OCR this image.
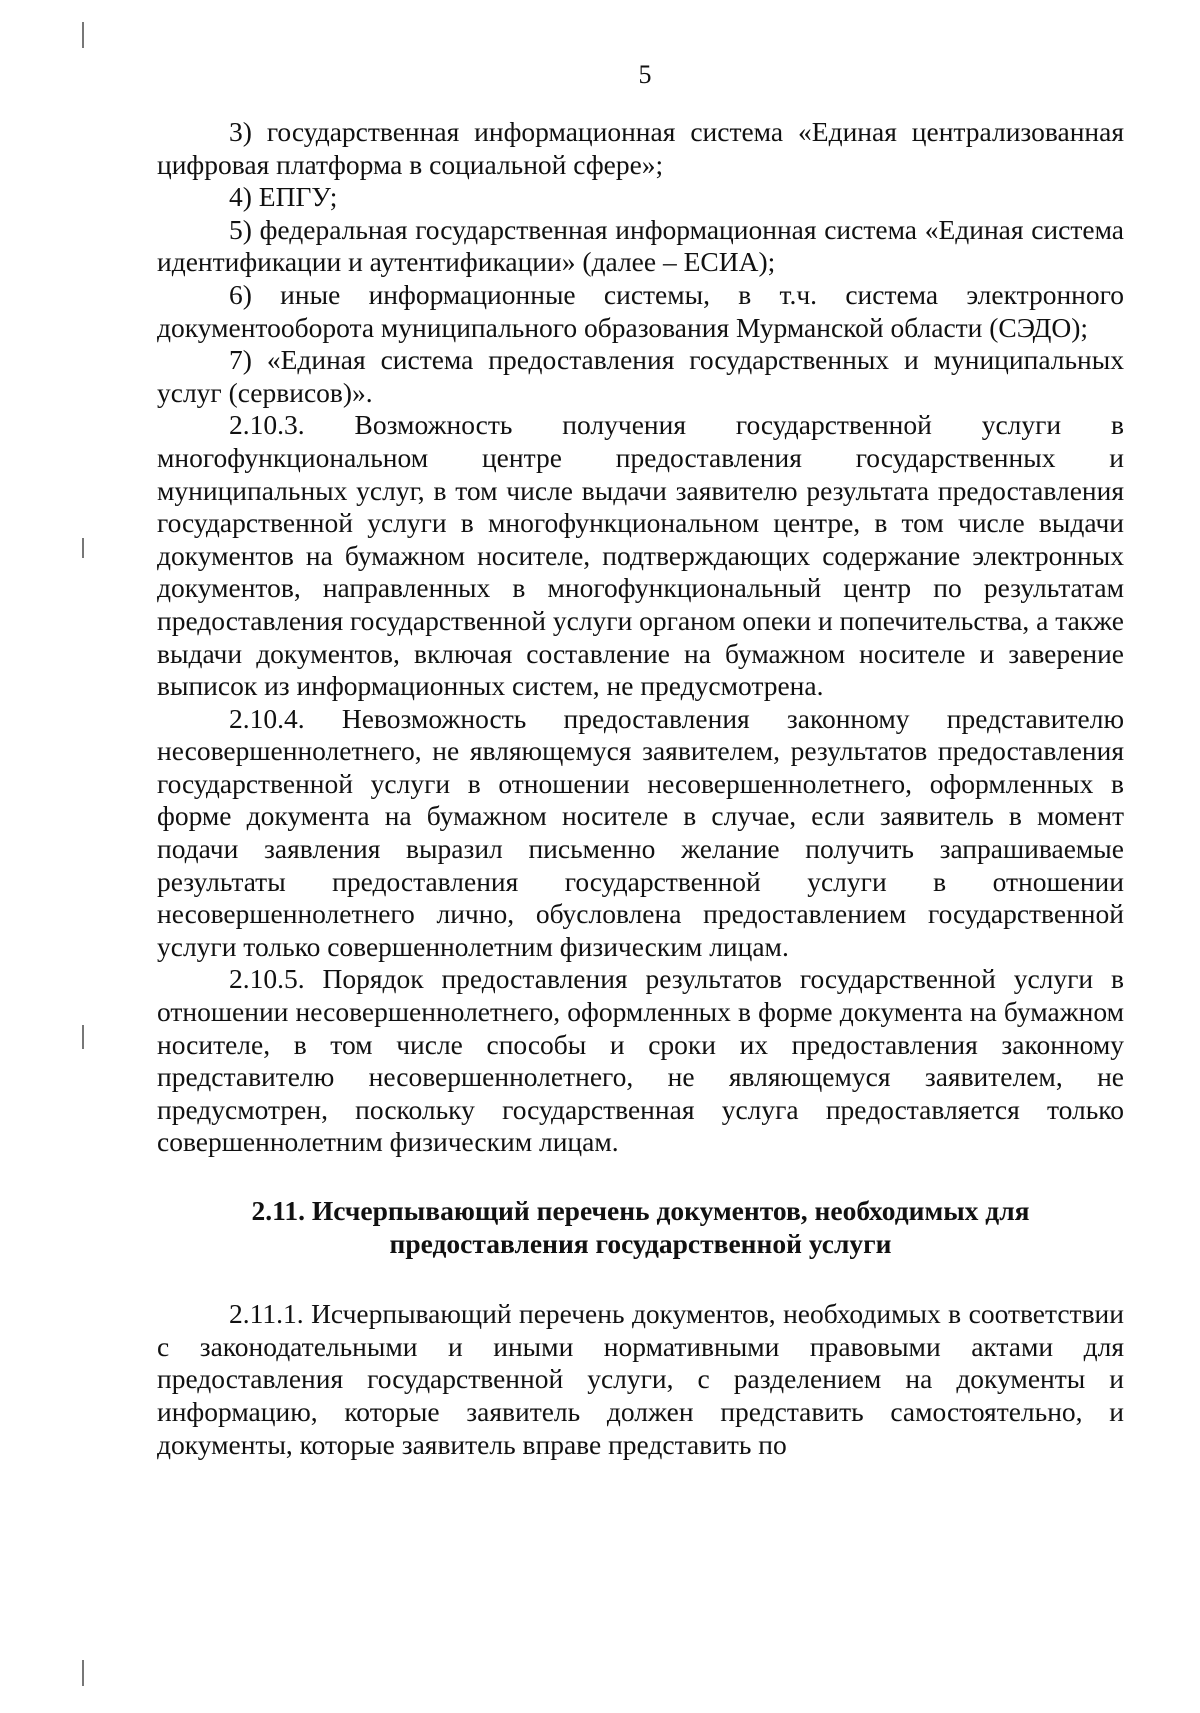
5

3) государственная информационная система «Единая централизованная цифровая платформа в социальной сфере»;

4) ЕПГУ;

5) федеральная государственная информационная система «Единая система идентификации и аутентификации» (далее – ЕСИА);

6) иные информационные системы, в т.ч. система электронного документооборота муниципального образования Мурманской области (СЭДО);

7) «Единая система предоставления государственных и муниципальных услуг (сервисов)».

2.10.3. Возможность получения государственной услуги в многофункциональном центре предоставления государственных и муниципальных услуг, в том числе выдачи заявителю результата предоставления государственной услуги в многофункциональном центре, в том числе выдачи документов на бумажном носителе, подтверждающих содержание электронных документов, направленных в многофункциональный центр по результатам предоставления государственной услуги органом опеки и попечительства, а также выдачи документов, включая составление на бумажном носителе и заверение выписок из информационных систем, не предусмотрена.

2.10.4. Невозможность предоставления законному представителю несовершеннолетнего, не являющемуся заявителем, результатов предоставления государственной услуги в отношении несовершеннолетнего, оформленных в форме документа на бумажном носителе в случае, если заявитель в момент подачи заявления выразил письменно желание получить запрашиваемые результаты предоставления государственной услуги в отношении несовершеннолетнего лично, обусловлена предоставлением государственной услуги только совершеннолетним физическим лицам.

2.10.5. Порядок предоставления результатов государственной услуги в отношении несовершеннолетнего, оформленных в форме документа на бумажном носителе, в том числе способы и сроки их предоставления законному представителю несовершеннолетнего, не являющемуся заявителем, не предусмотрен, поскольку государственная услуга предоставляется только совершеннолетним физическим лицам.

2.11. Исчерпывающий перечень документов, необходимых для предоставления государственной услуги

2.11.1. Исчерпывающий перечень документов, необходимых в соответствии с законодательными и иными нормативными правовыми актами для предоставления государственной услуги, с разделением на документы и информацию, которые заявитель должен представить самостоятельно, и документы, которые заявитель вправе представить по
